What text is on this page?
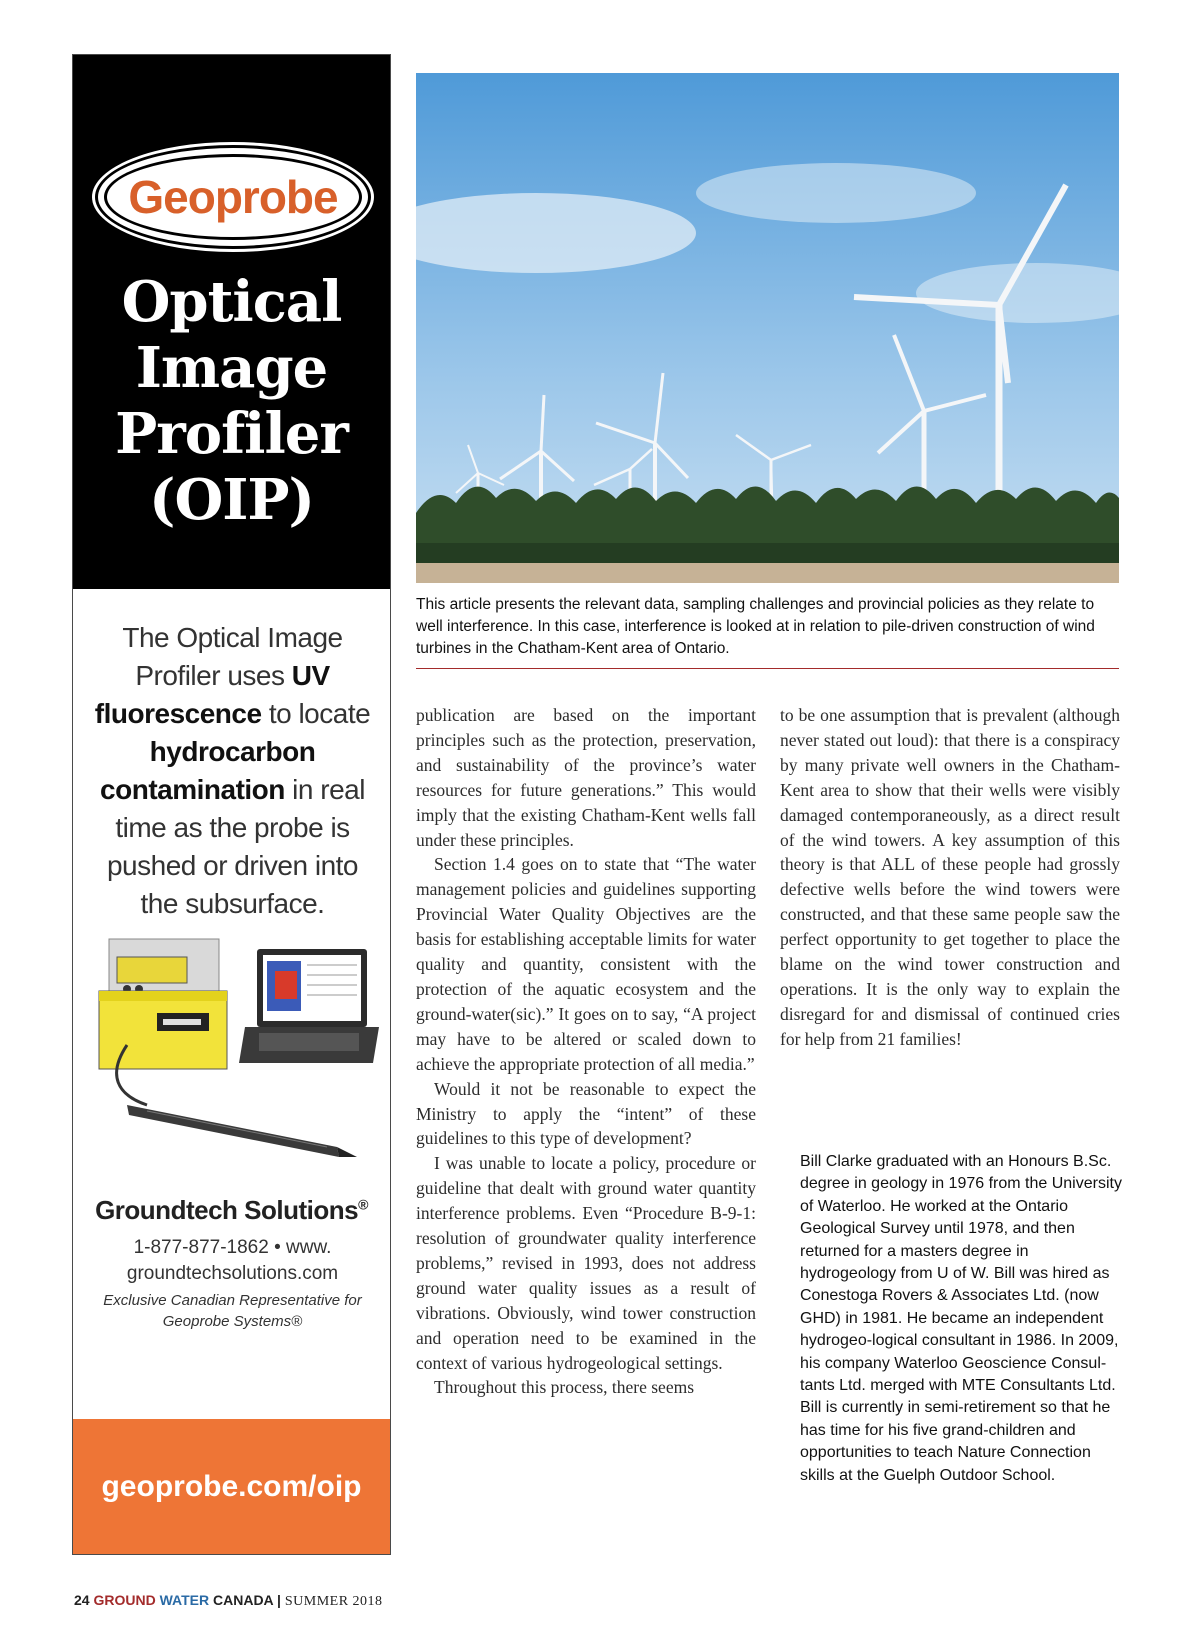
Geoprobe
Optical
Image
Profiler
(OIP)
The Optical Image Profiler uses UV fluorescence to locate hydrocarbon contamination in real time as the probe is pushed or driven into the subsurface.
Groundtech Solutions®
1-877-877-1862 • www.
groundtechsolutions.com
Exclusive Canadian Representative for
Geoprobe Systems®
geoprobe.com/oip
This article presents the relevant data, sampling challenges and provincial policies as they relate to well interference. In this case, interference is looked at in relation to pile-driven construction of wind turbines in the Chatham-Kent area of Ontario.

publication are based on the important principles such as the protection, preservation, and sustainability of the province’s water resources for future generations.” This would imply that the existing Chatham-Kent wells fall under these principles.

Section 1.4 goes on to state that “The water management policies and guidelines supporting Provincial Water Quality Objectives are the basis for establishing acceptable limits for water quality and quantity, consistent with the protection of the aquatic ecosystem and the ground-water(sic).” It goes on to say, “A project may have to be altered or scaled down to achieve the appropriate protection of all media.”

Would it not be reasonable to expect the Ministry to apply the “intent” of these guidelines to this type of development?

I was unable to locate a policy, procedure or guideline that dealt with ground water quantity interference problems. Even “Procedure B-9-1: resolution of groundwater quality interference problems,” revised in 1993, does not address ground water quality issues as a result of vibrations. Obviously, wind tower construction and operation need to be examined in the context of various hydrogeological settings.

Throughout this process, there seems

to be one assumption that is prevalent (although never stated out loud): that there is a conspiracy by many private well owners in the Chatham-Kent area to show that their wells were visibly damaged contemporaneously, as a direct result of the wind towers. A key assumption of this theory is that ALL of these people had grossly defective wells before the wind towers were constructed, and that these same people saw the perfect opportunity to get together to place the blame on the wind tower construction and operations. It is the only way to explain the disregard for and dismissal of continued cries for help from 21 families!

Bill Clarke graduated with an Honours B.Sc. degree in geology in 1976 from the University of Waterloo. He worked at the Ontario Geological Survey until 1978, and then returned for a masters degree in hydrogeology from U of W. Bill was hired as Conestoga Rovers & Associates Ltd. (now GHD) in 1981. He became an independent hydrogeo-logical consultant in 1986. In 2009, his company Waterloo Geoscience Consul-tants Ltd. merged with MTE Consultants Ltd. Bill is currently in semi-retirement so that he has time for his five grand-children and opportunities to teach Nature Connection skills at the Guelph Outdoor School.
24 GROUND WATER CANADA | SUMMER 2018
